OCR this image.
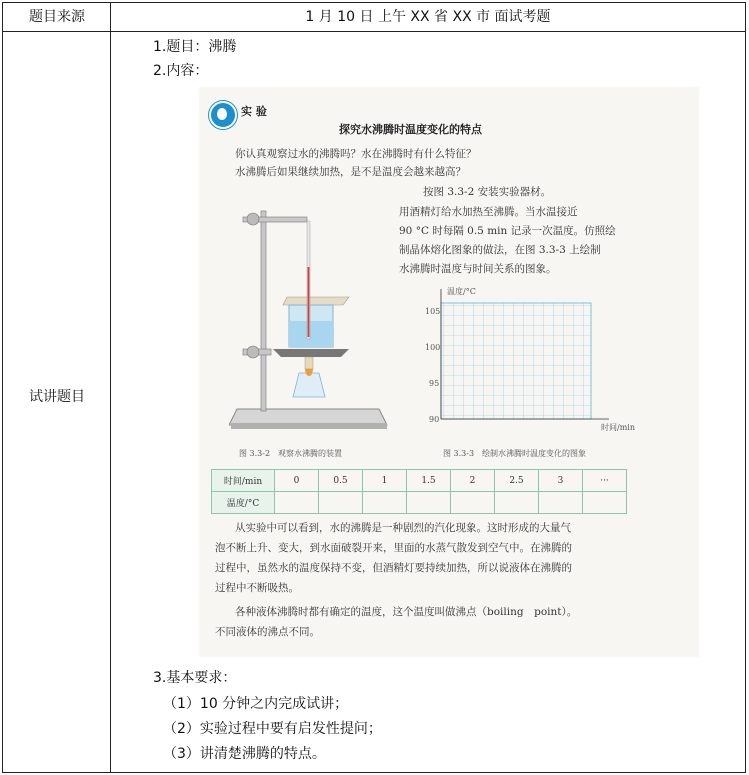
题目来源	1 月 10 日 上午 XX 省 XX 市 面试考题
试讲题目
1.题目：沸腾
2.内容：
实 验
探究水沸腾时温度变化的特点
你认真观察过水的沸腾吗？水在沸腾时有什么特征？
水沸腾后如果继续加热，是不是温度会越来越高？
按图 3.3-2 安装实验器材。
用酒精灯给水加热至沸腾。当水温接近
90 °C 时每隔 0.5 min 记录一次温度。仿照绘
制晶体熔化图象的做法，在图 3.3-3 上绘制
水沸腾时温度与时间关系的图象。
温度/°C
时间/min
105
100
95
90
图 3.3-2　观察水沸腾的装置	图 3.3-3　绘制水沸腾时温度变化的图象
时间/min	0	0.5	1	1.5	2	2.5	3	···
温度/°C								
从实验中可以看到，水的沸腾是一种剧烈的汽化现象。这时形成的大量气
泡不断上升、变大，到水面破裂开来，里面的水蒸气散发到空气中。在沸腾的
过程中，虽然水的温度保持不变，但酒精灯要持续加热，所以说液体在沸腾的
过程中不断吸热。
各种液体沸腾时都有确定的温度，这个温度叫做沸点（boiling　point）。
不同液体的沸点不同。
3.基本要求：
（1）10 分钟之内完成试讲；
（2）实验过程中要有启发性提问；
（3）讲清楚沸腾的特点。
